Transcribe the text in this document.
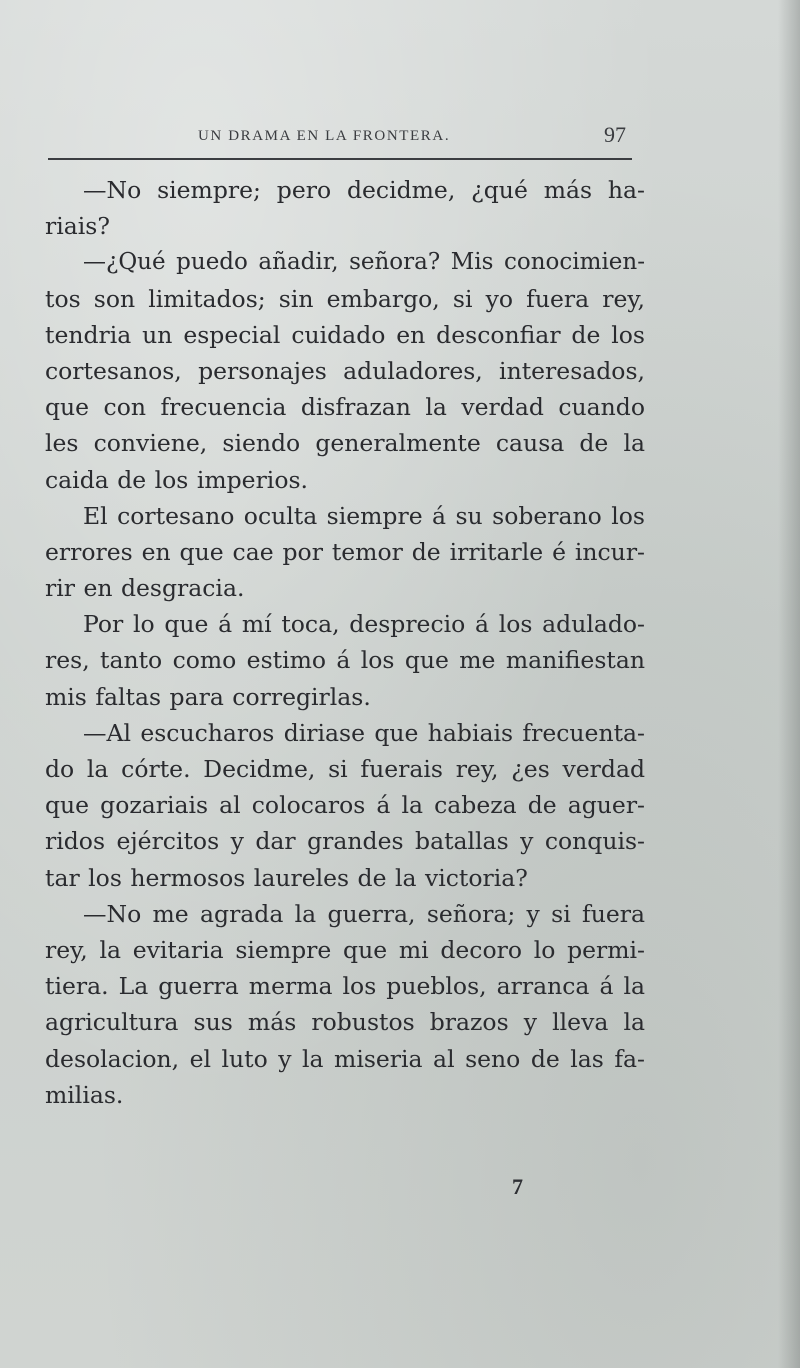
UN DRAMA EN LA FRONTERA.	97
—No siempre; pero decidme, ¿qué más ha-
riais?
—¿Qué puedo añadir, señora? Mis conocimien-
tos son limitados; sin embargo, si yo fuera rey,
tendria un especial cuidado en desconfiar de los
cortesanos, personajes aduladores, interesados,
que con frecuencia disfrazan la verdad cuando
les conviene, siendo generalmente causa de la
caida de los imperios.
El cortesano oculta siempre á su soberano los
errores en que cae por temor de irritarle é incur-
rir en desgracia.
Por lo que á mí toca, desprecio á los adulado-
res, tanto como estimo á los que me manifiestan
mis faltas para corregirlas.
—Al escucharos diriase que habiais frecuenta-
do la córte. Decidme, si fuerais rey, ¿es verdad
que gozariais al colocaros á la cabeza de aguer-
ridos ejércitos y dar grandes batallas y conquis-
tar los hermosos laureles de la victoria?
—No me agrada la guerra, señora; y si fuera
rey, la evitaria siempre que mi decoro lo permi-
tiera. La guerra merma los pueblos, arranca á la
agricultura sus más robustos brazos y lleva la
desolacion, el luto y la miseria al seno de las fa-
milias.
7
